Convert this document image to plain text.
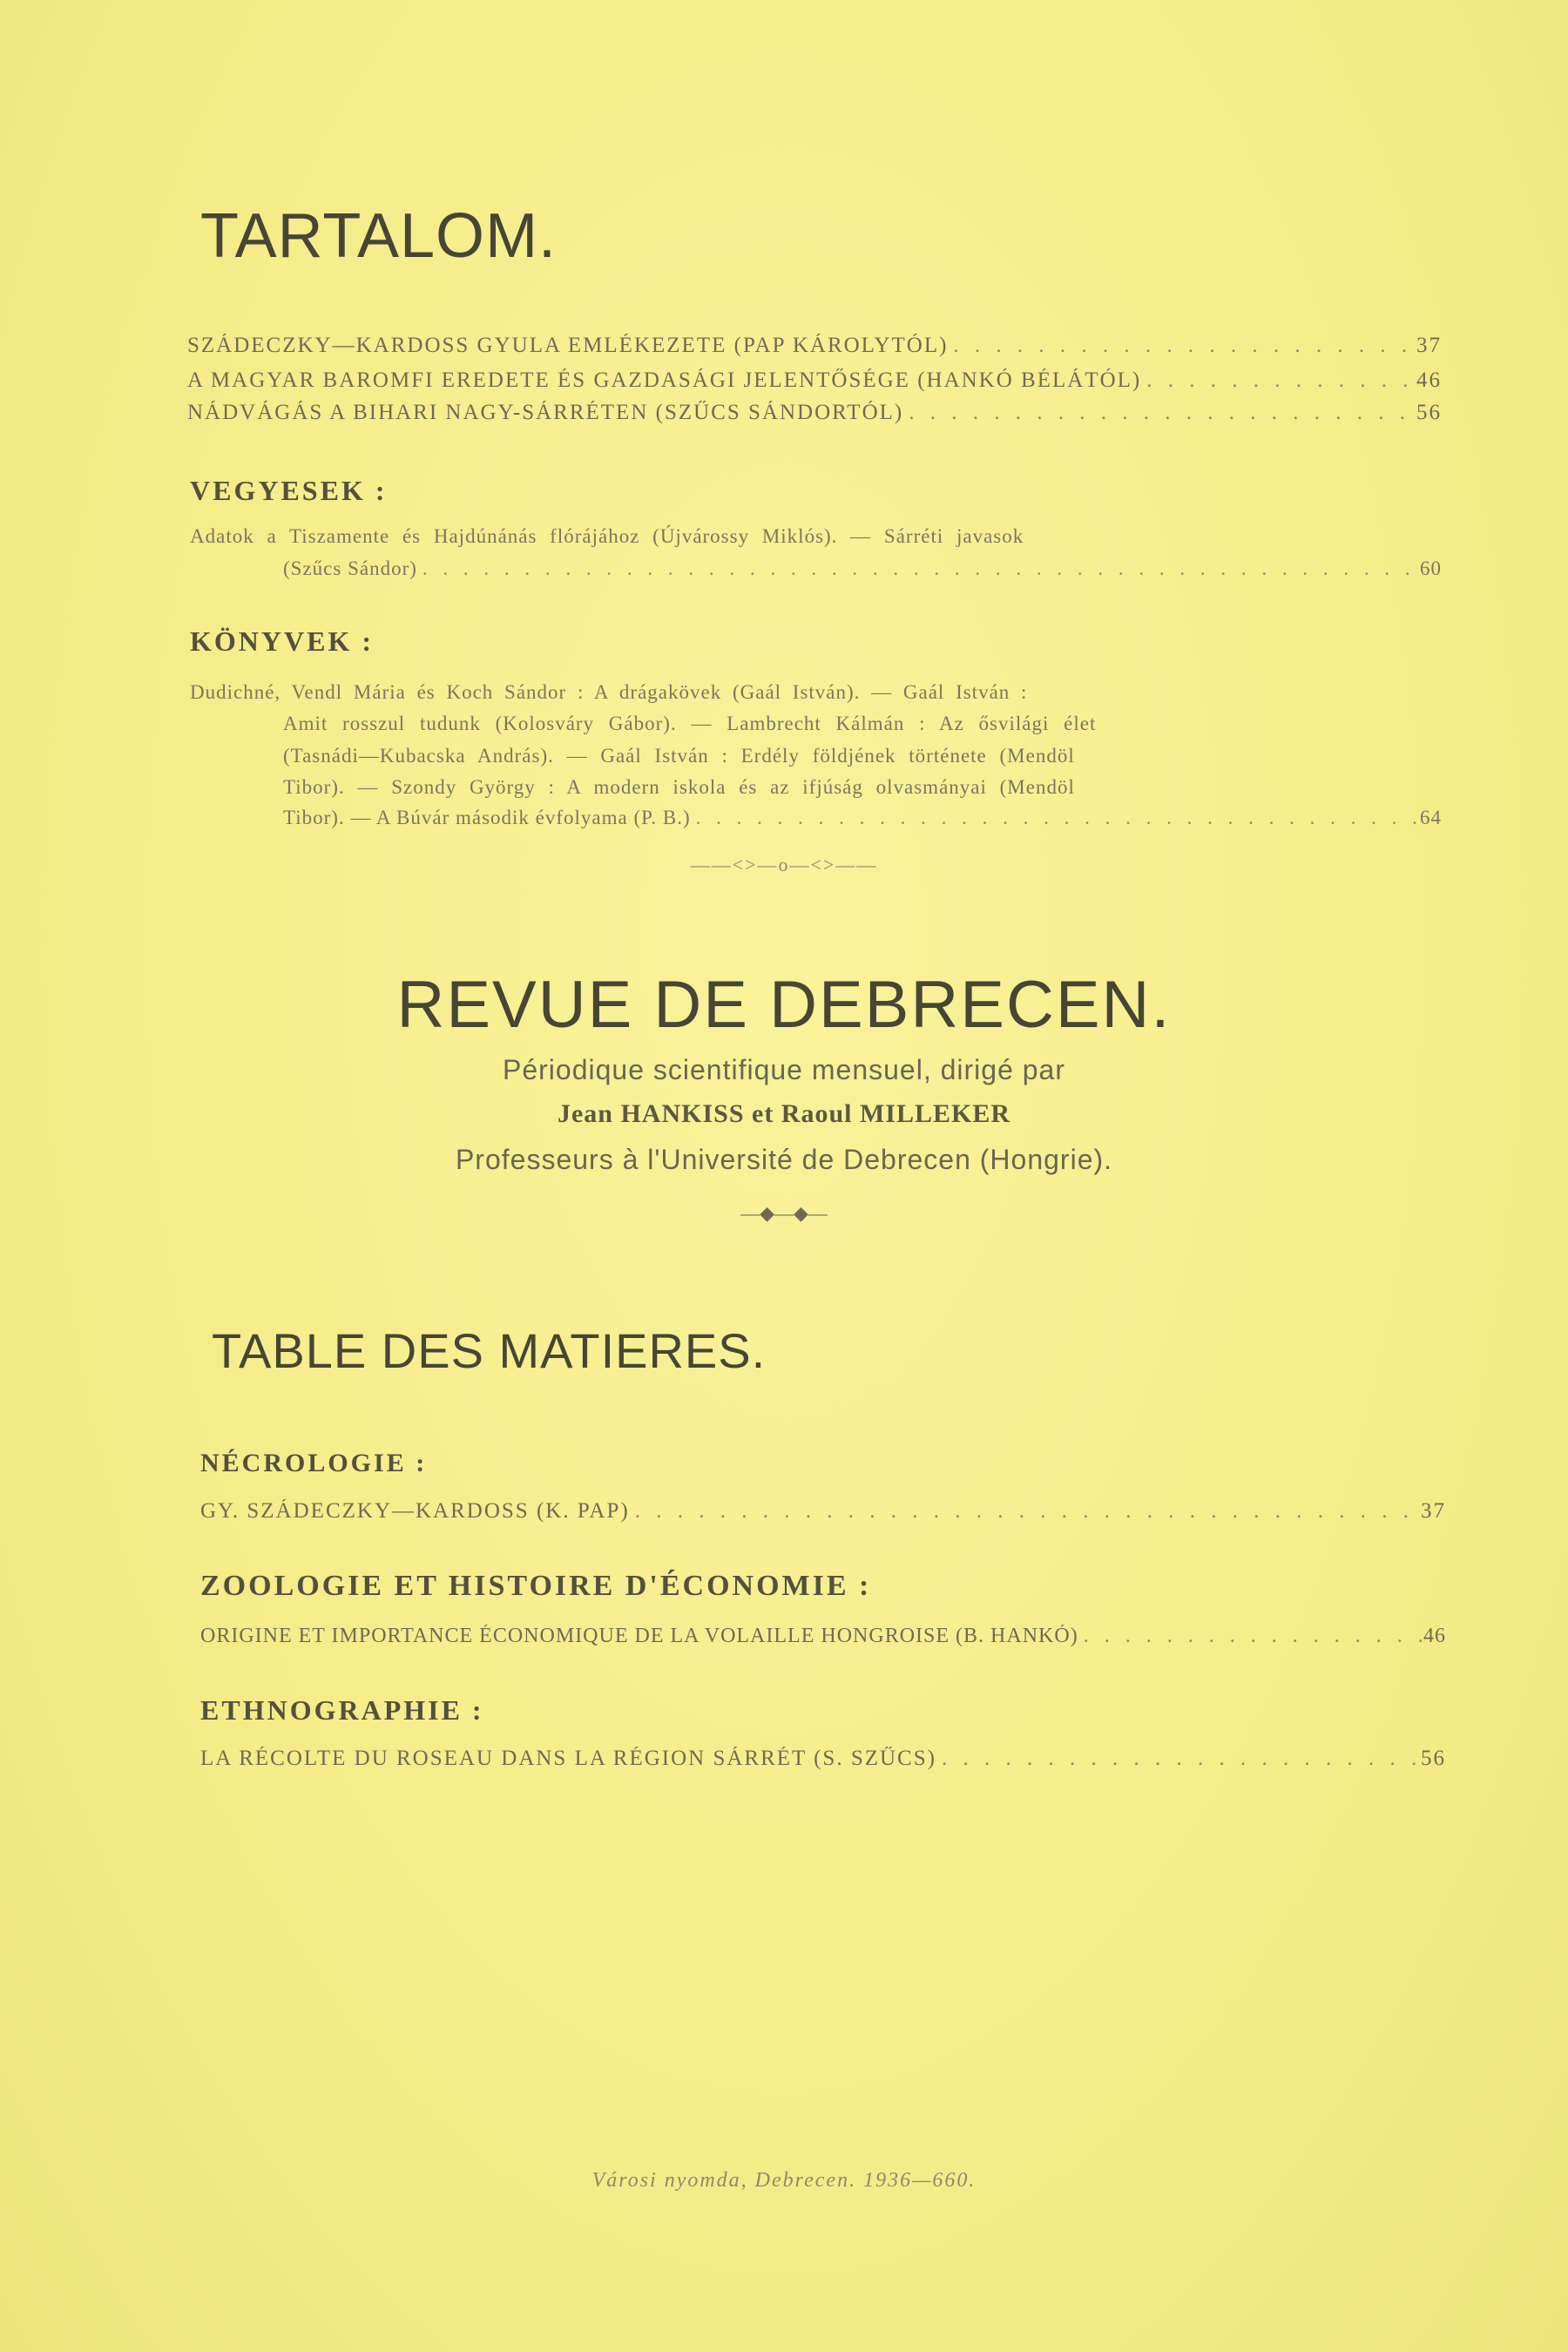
TARTALOM.
SZÁDECZKY—KARDOSS GYULA EMLÉKEZETE (PAP KÁROLYTÓL) . . .	37
A MAGYAR BAROMFI EREDETE ÉS GAZDASÁGI JELENTŐSÉGE (HANKÓ BÉLÁTÓL) . . .	46
NÁDVÁGÁS A BIHARI NAGY-SÁRRÉTEN (SZŰCS SÁNDORTÓL) . . .	56
VEGYESEK :
Adatok a Tiszamente és Hajdúnánás flórájához (Újvárossy Miklós). — Sárréti javasok
(Szűcs Sándor) . . .	60
KÖNYVEK :
Dudichné, Vendl Mária és Koch Sándor : A drágakövek (Gaál István). — Gaál István :
Amit rosszul tudunk (Kolosváry Gábor). — Lambrecht Kálmán : Az ősvilági élet
(Tasnádi—Kubacska András). — Gaál István : Erdély földjének története (Mendöl
Tibor). — Szondy György : A modern iskola és az ifjúság olvasmányai (Mendöl
Tibor). — A Búvár második évfolyama (P. B.) . . .	64
——<>—o—<>——
REVUE DE DEBRECEN.
Périodique scientifique mensuel, dirigé par
Jean HANKISS et Raoul MILLEKER
Professeurs à l'Université de Debrecen (Hongrie).
—◆—◆—
TABLE DES MATIERES.
NÉCROLOGIE :
GY. SZÁDECZKY—KARDOSS (K. PAP) . . .	37
ZOOLOGIE ET HISTOIRE D'ÉCONOMIE :
ORIGINE ET IMPORTANCE ÉCONOMIQUE DE LA VOLAILLE HONGROISE (B. HANKÓ) . . .	46
ETHNOGRAPHIE :
LA RÉCOLTE DU ROSEAU DANS LA RÉGION SÁRRÉT (S. SZŰCS) . . .	56
Városi nyomda, Debrecen. 1936—660.
